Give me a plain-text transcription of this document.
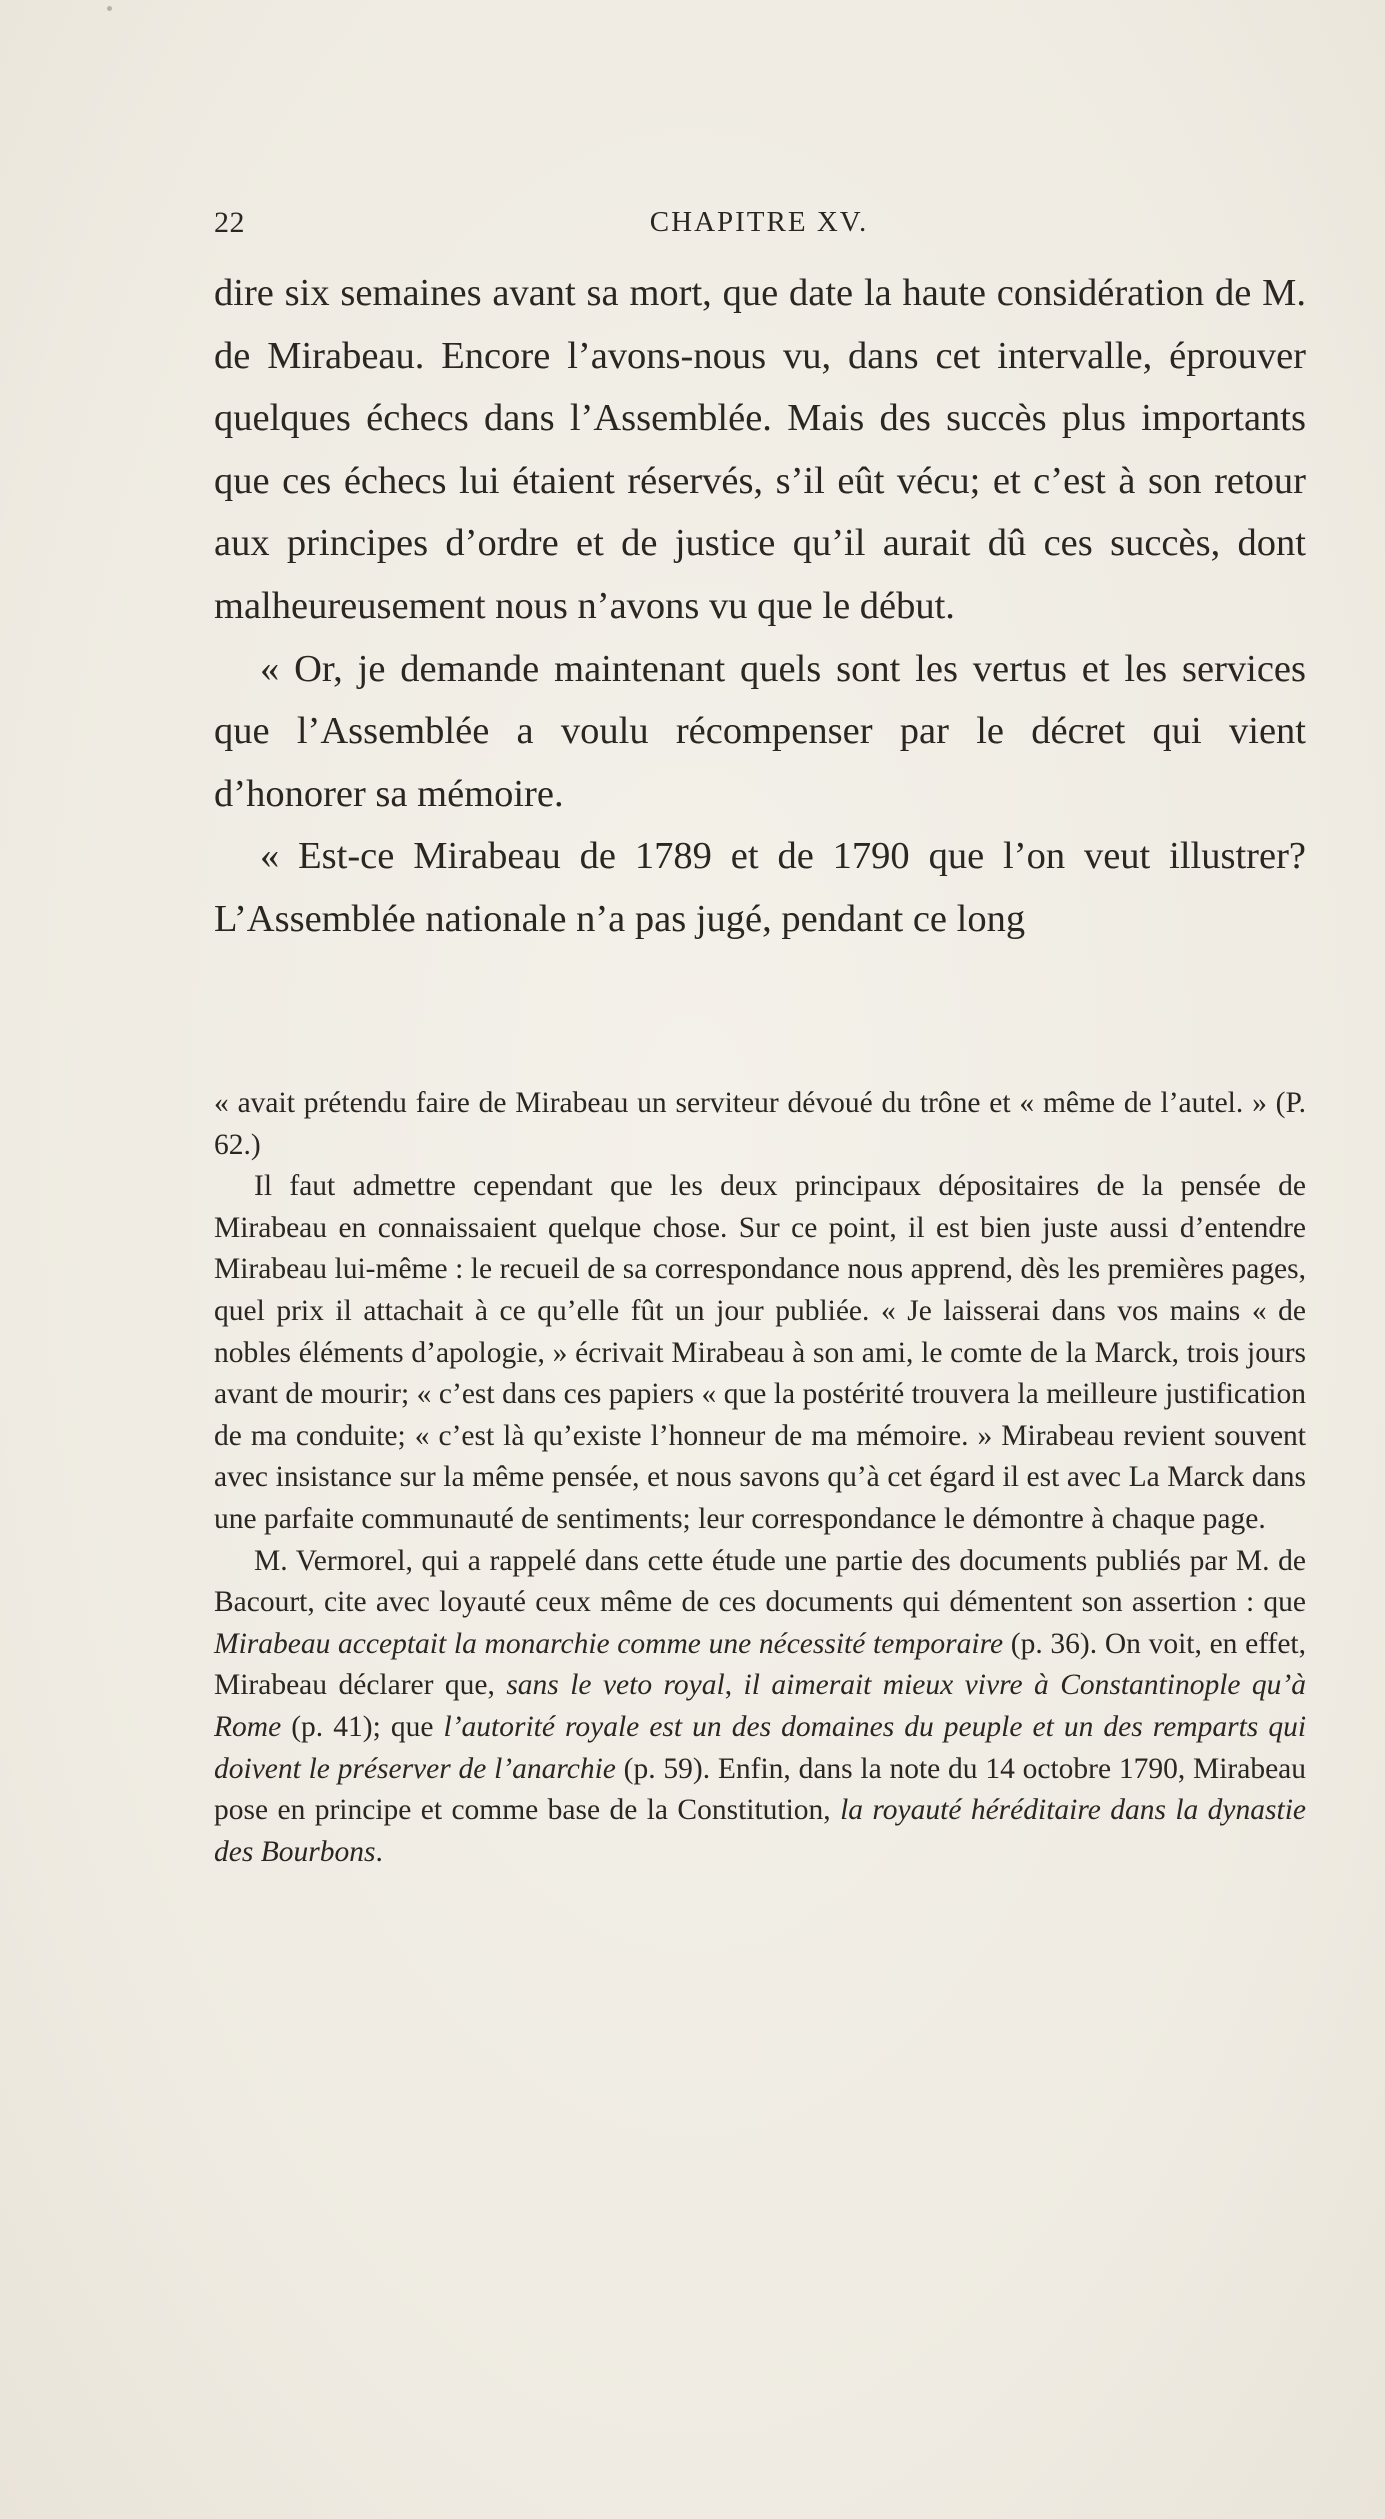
22	CHAPITRE XV.

dire six semaines avant sa mort, que date la haute considération de M. de Mirabeau. Encore l’avons-nous vu, dans cet intervalle, éprouver quelques échecs dans l’Assemblée. Mais des succès plus importants que ces échecs lui étaient réservés, s’il eût vécu; et c’est à son retour aux principes d’ordre et de justice qu’il aurait dû ces succès, dont malheureusement nous n’avons vu que le début.

« Or, je demande maintenant quels sont les vertus et les services que l’Assemblée a voulu récompenser par le décret qui vient d’honorer sa mémoire.

« Est-ce Mirabeau de 1789 et de 1790 que l’on veut illustrer? L’Assemblée nationale n’a pas jugé, pendant ce long

« avait prétendu faire de Mirabeau un serviteur dévoué du trône et « même de l’autel. » (P. 62.)

Il faut admettre cependant que les deux principaux dépositaires de la pensée de Mirabeau en connaissaient quelque chose. Sur ce point, il est bien juste aussi d’entendre Mirabeau lui-même : le recueil de sa correspondance nous apprend, dès les premières pages, quel prix il attachait à ce qu’elle fût un jour publiée. « Je laisserai dans vos mains « de nobles éléments d’apologie, » écrivait Mirabeau à son ami, le comte de la Marck, trois jours avant de mourir; « c’est dans ces papiers « que la postérité trouvera la meilleure justification de ma conduite; « c’est là qu’existe l’honneur de ma mémoire. » Mirabeau revient souvent avec insistance sur la même pensée, et nous savons qu’à cet égard il est avec La Marck dans une parfaite communauté de sentiments; leur correspondance le démontre à chaque page.

M. Vermorel, qui a rappelé dans cette étude une partie des documents publiés par M. de Bacourt, cite avec loyauté ceux même de ces documents qui démentent son assertion : que Mirabeau acceptait la monarchie comme une nécessité temporaire (p. 36). On voit, en effet, Mirabeau déclarer que, sans le veto royal, il aimerait mieux vivre à Constantinople qu’à Rome (p. 41); que l’autorité royale est un des domaines du peuple et un des remparts qui doivent le préserver de l’anarchie (p. 59). Enfin, dans la note du 14 octobre 1790, Mirabeau pose en principe et comme base de la Constitution, la royauté héréditaire dans la dynastie des Bourbons.
